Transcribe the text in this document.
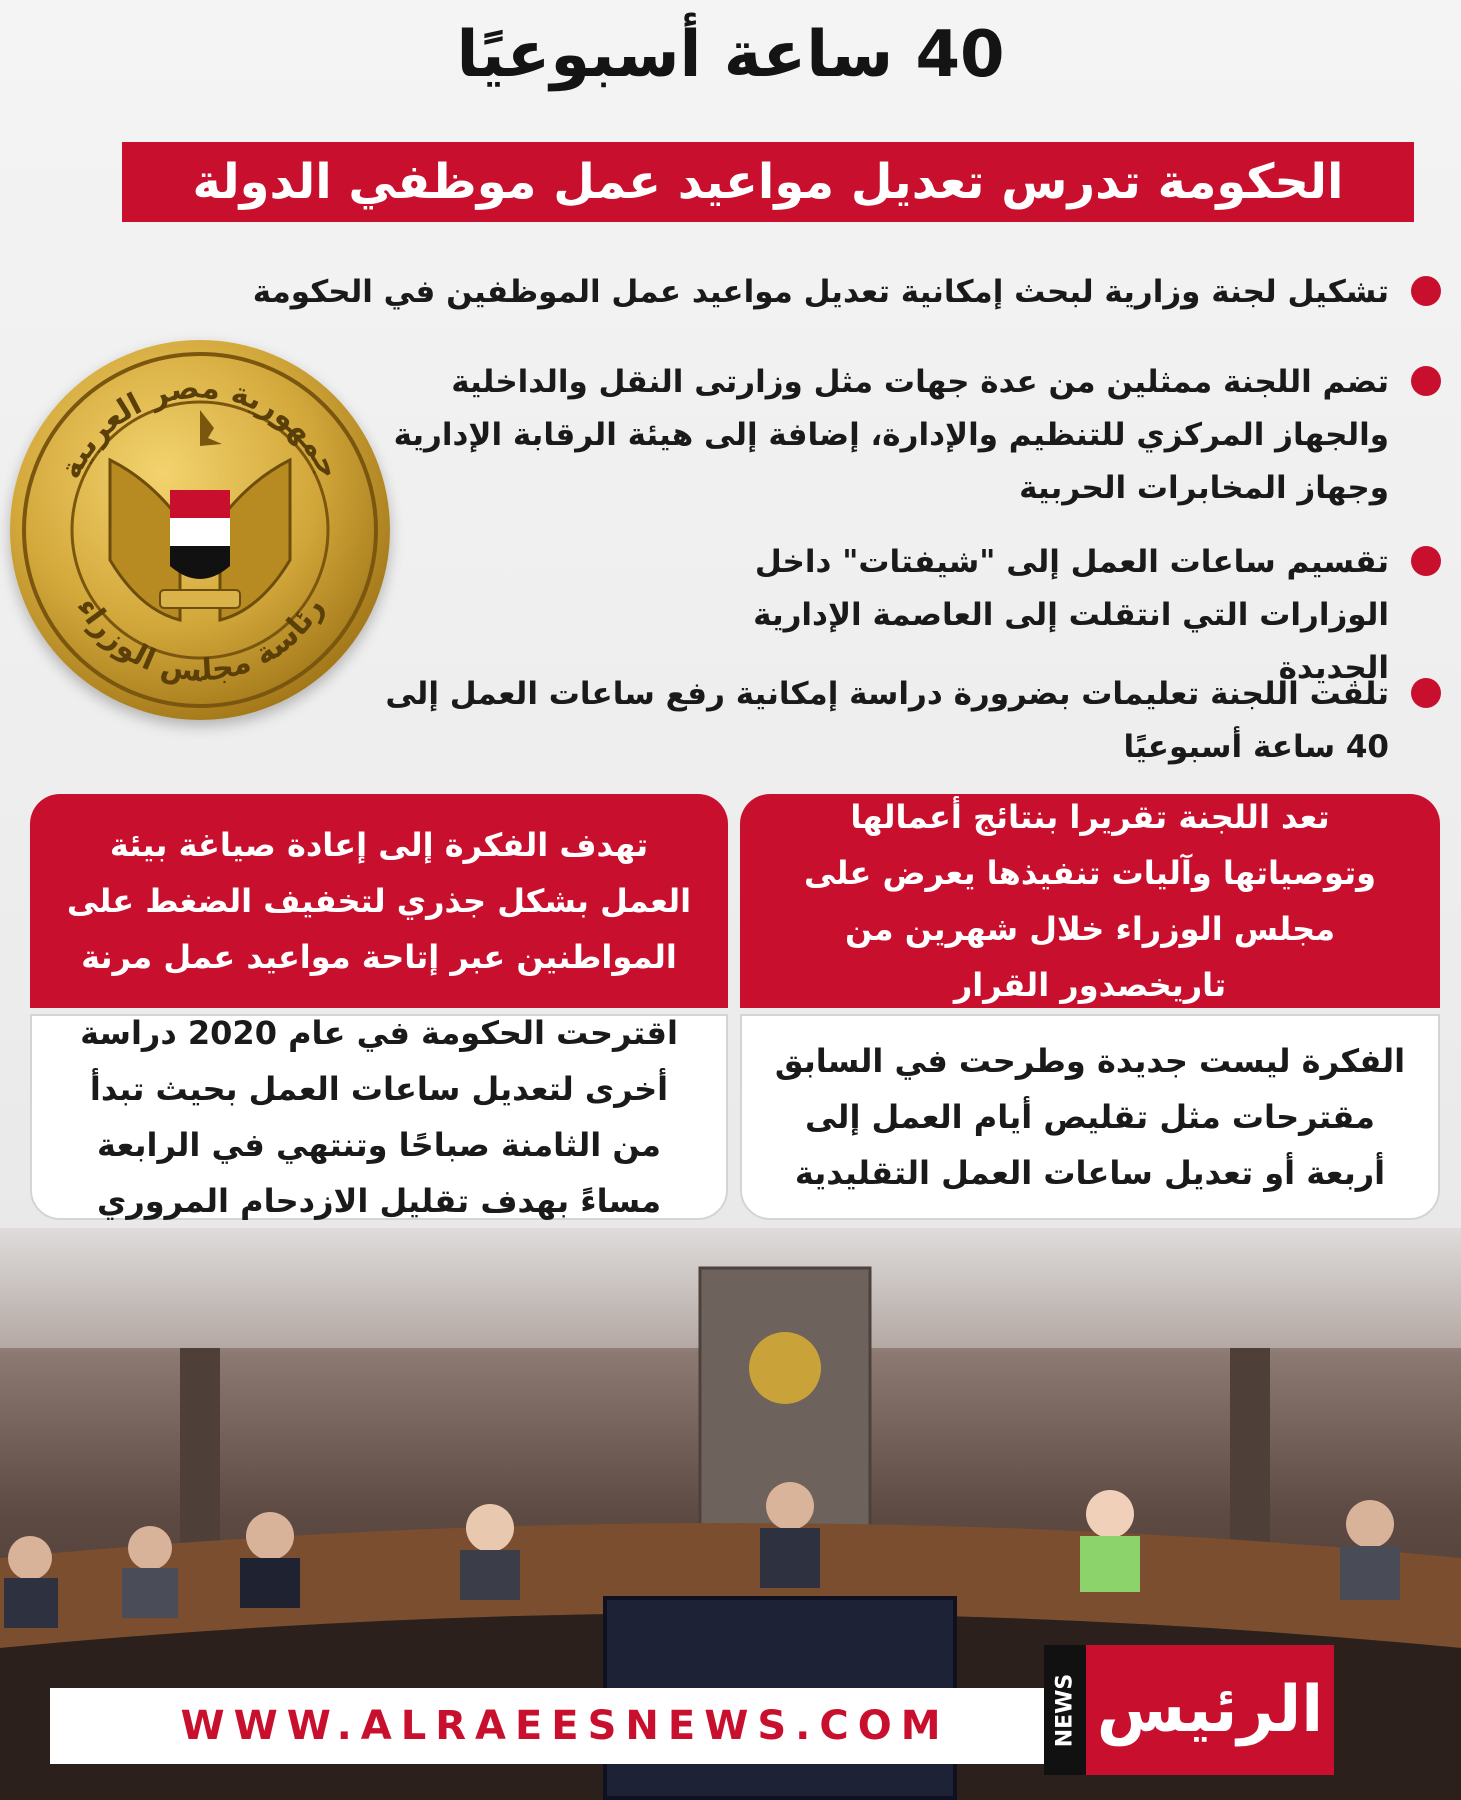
40 ساعة أسبوعيًا
الحكومة تدرس تعديل مواعيد عمل موظفي الدولة
تشكيل لجنة وزارية لبحث إمكانية تعديل مواعيد عمل الموظفين في الحكومة
تضم اللجنة ممثلين من عدة جهات مثل وزارتى النقل والداخلية والجهاز المركزي للتنظيم والإدارة، إضافة إلى هيئة الرقابة الإدارية وجهاز المخابرات الحربية
تقسيم ساعات العمل إلى "شيفتات" داخل الوزارات التي انتقلت إلى العاصمة الإدارية الجديدة
تلقت اللجنة تعليمات بضرورة دراسة إمكانية رفع ساعات العمل إلى 40 ساعة أسبوعيًا
جمهورية مصر العربية
رئاسة مجلس الوزراء
تعد اللجنة تقريرا بنتائج أعمالها وتوصياتها وآليات تنفيذها يعرض على مجلس الوزراء خلال شهرين من تاريخصدور القرار
تهدف الفكرة إلى إعادة صياغة بيئة العمل بشكل جذري لتخفيف الضغط على المواطنين عبر إتاحة مواعيد عمل مرنة
الفكرة ليست جديدة وطرحت في السابق مقترحات مثل تقليص أيام العمل إلى أربعة أو تعديل ساعات العمل التقليدية
اقترحت الحكومة في عام 2020 دراسة أخرى لتعديل ساعات العمل بحيث تبدأ من الثامنة صباحًا وتنتهي في الرابعة مساءً بهدف تقليل الازدحام المروري
WWW.ALRAEESNEWS.COM	NEWS الرئيس
